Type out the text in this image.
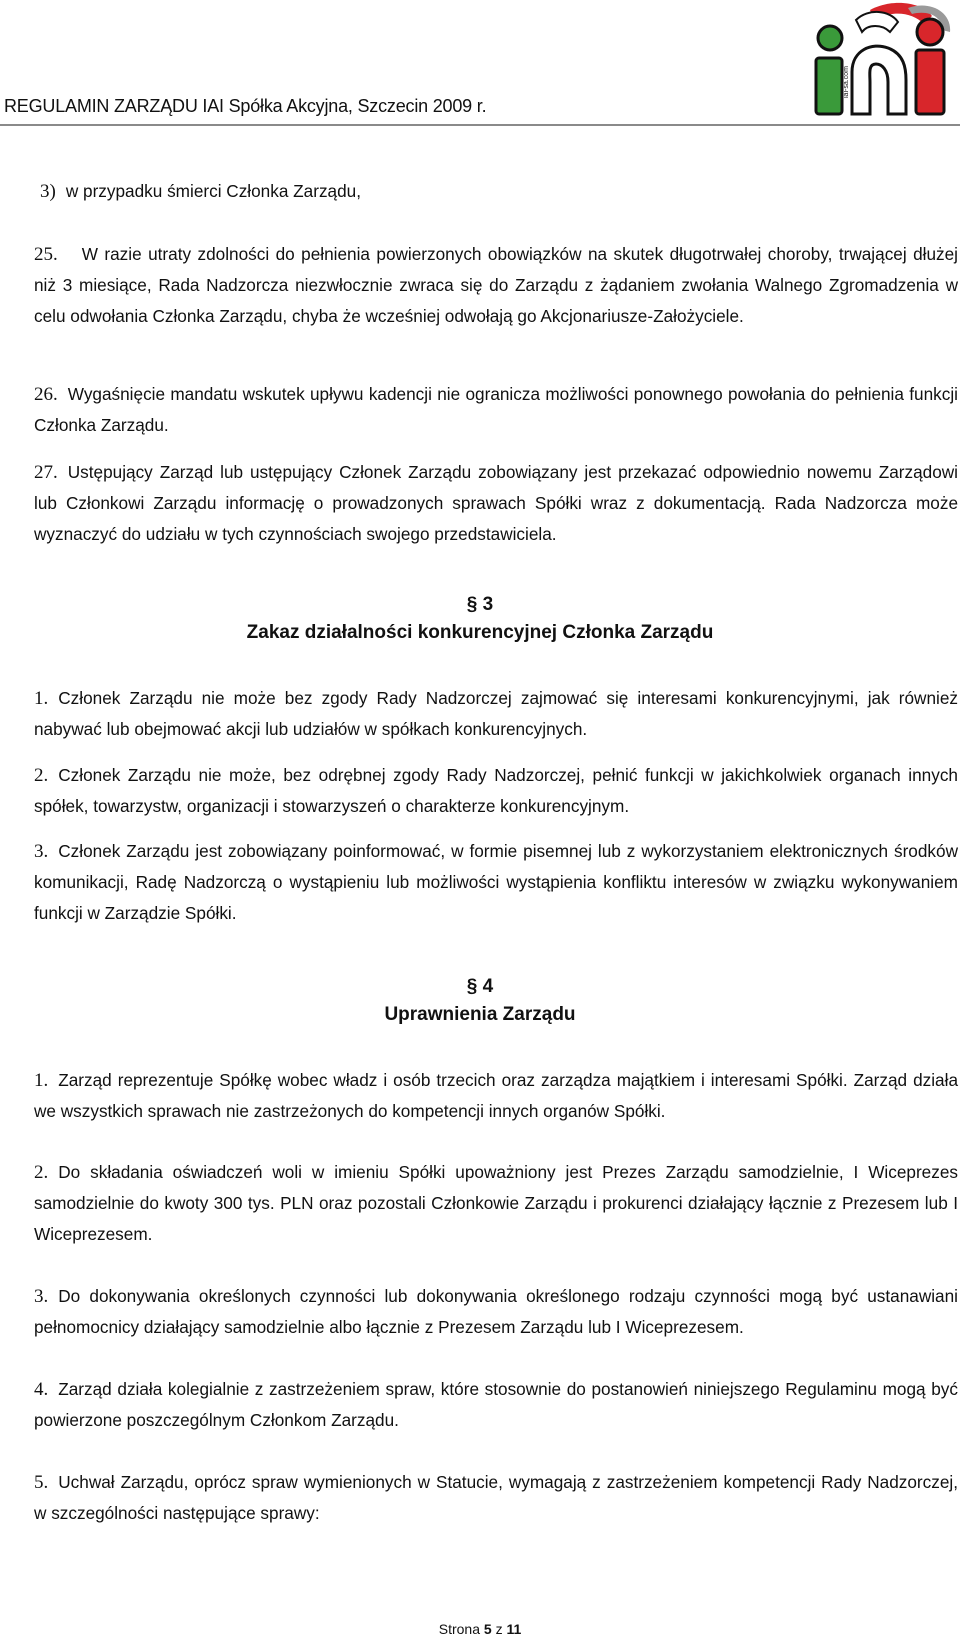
REGULAMIN ZARZĄDU IAI Spółka Akcyjna, Szczecin 2009 r.
iai-sa.com
3) w przypadku śmierci Członka Zarządu,
25. W razie utraty zdolności do pełnienia powierzonych obowiązków na skutek długotrwałej choroby, trwającej dłużej niż 3 miesiące, Rada Nadzorcza niezwłocznie zwraca się do Zarządu z żądaniem zwołania Walnego Zgromadzenia w celu odwołania Członka Zarządu, chyba że wcześniej odwołają go Akcjonariusze-Założyciele.
26. Wygaśnięcie mandatu wskutek upływu kadencji nie ogranicza możliwości ponownego powołania do pełnienia funkcji Członka Zarządu.
27. Ustępujący Zarząd lub ustępujący Członek Zarządu zobowiązany jest przekazać odpowiednio nowemu Zarządowi lub Członkowi Zarządu informację o prowadzonych sprawach Spółki wraz z dokumentacją. Rada Nadzorcza może wyznaczyć do udziału w tych czynnościach swojego przedstawiciela.
§ 3
Zakaz działalności konkurencyjnej Członka Zarządu
1. Członek Zarządu nie może bez zgody Rady Nadzorczej zajmować się interesami konkurencyjnymi, jak również nabywać lub obejmować akcji lub udziałów w spółkach konkurencyjnych.
2. Członek Zarządu nie może, bez odrębnej zgody Rady Nadzorczej, pełnić funkcji w jakichkolwiek organach innych spółek, towarzystw, organizacji i stowarzyszeń o charakterze konkurencyjnym.
3. Członek Zarządu jest zobowiązany poinformować, w formie pisemnej lub z wykorzystaniem elektronicznych środków komunikacji, Radę Nadzorczą o wystąpieniu lub możliwości wystąpienia konfliktu interesów w związku wykonywaniem funkcji w Zarządzie Spółki.
§ 4
Uprawnienia Zarządu
1. Zarząd reprezentuje Spółkę wobec władz i osób trzecich oraz zarządza majątkiem i interesami Spółki. Zarząd działa we wszystkich sprawach nie zastrzeżonych do kompetencji innych organów Spółki.
2. Do składania oświadczeń woli w imieniu Spółki upoważniony jest Prezes Zarządu samodzielnie, I Wiceprezes samodzielnie do kwoty 300 tys. PLN oraz pozostali Członkowie Zarządu i prokurenci działający łącznie z Prezesem lub I Wiceprezesem.
3. Do dokonywania określonych czynności lub dokonywania określonego rodzaju czynności mogą być ustanawiani pełnomocnicy działający samodzielnie albo łącznie z Prezesem Zarządu lub I Wiceprezesem.
4. Zarząd działa kolegialnie z zastrzeżeniem spraw, które stosownie do postanowień niniejszego Regulaminu mogą być powierzone poszczególnym Członkom Zarządu.
5. Uchwał Zarządu, oprócz spraw wymienionych w Statucie, wymagają z zastrzeżeniem kompetencji Rady Nadzorczej, w szczególności następujące sprawy:
Strona 5 z 11
